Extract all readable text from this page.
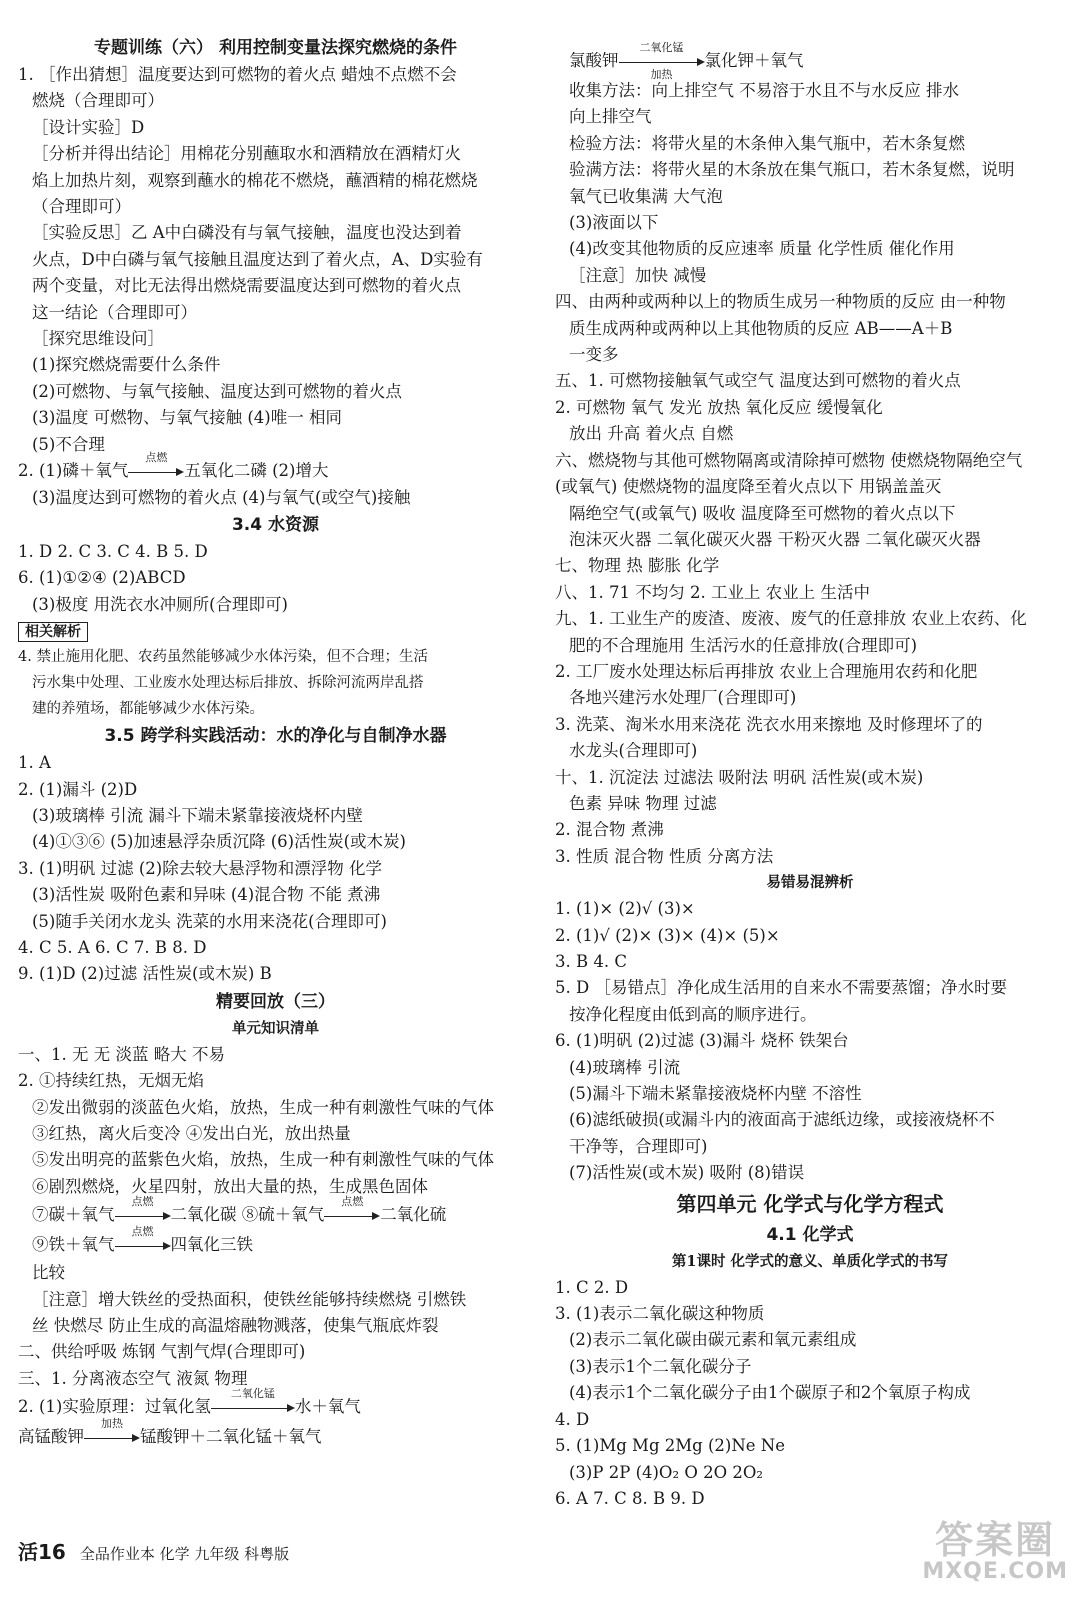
专题训练（六） 利用控制变量法探究燃烧的条件
1. ［作出猜想］温度要达到可燃物的着火点 蜡烛不点燃不会
燃烧（合理即可）
［设计实验］D
［分析并得出结论］用棉花分别蘸取水和酒精放在酒精灯火
焰上加热片刻，观察到蘸水的棉花不燃烧，蘸酒精的棉花燃烧
（合理即可）
［实验反思］乙 A中白磷没有与氧气接触，温度也没达到着
火点，D中白磷与氧气接触且温度达到了着火点，A、D实验有
两个变量，对比无法得出燃烧需要温度达到可燃物的着火点
这一结论（合理即可）
［探究思维设问］
(1)探究燃烧需要什么条件
(2)可燃物、与氧气接触、温度达到可燃物的着火点
(3)温度 可燃物、与氧气接触 (4)唯一 相同
(5)不合理
2. (1)磷＋氧气
点燃
五氧化二磷 (2)增大
(3)温度达到可燃物的着火点 (4)与氧气(或空气)接触
3.4 水资源
1. D 2. C 3. C 4. B 5. D
6. (1)①②④ (2)ABCD
(3)极度 用洗衣水冲厕所(合理即可)
相关解析
4. 禁止施用化肥、农药虽然能够减少水体污染，但不合理；生活
污水集中处理、工业废水处理达标后排放、拆除河流两岸乱搭
建的养殖场，都能够减少水体污染。
3.5 跨学科实践活动：水的净化与自制净水器
1. A
2. (1)漏斗 (2)D
(3)玻璃棒 引流 漏斗下端未紧靠接液烧杯内壁
(4)①③⑥ (5)加速悬浮杂质沉降 (6)活性炭(或木炭)
3. (1)明矾 过滤 (2)除去较大悬浮物和漂浮物 化学
(3)活性炭 吸附色素和异味 (4)混合物 不能 煮沸
(5)随手关闭水龙头 洗菜的水用来浇花(合理即可)
4. C 5. A 6. C 7. B 8. D
9. (1)D (2)过滤 活性炭(或木炭) B
精要回放（三）
单元知识清单
一、1. 无 无 淡蓝 略大 不易
2. ①持续红热，无烟无焰
②发出微弱的淡蓝色火焰，放热，生成一种有刺激性气味的气体
③红热，离火后变冷 ④发出白光，放出热量
⑤发出明亮的蓝紫色火焰，放热，生成一种有刺激性气味的气体
⑥剧烈燃烧，火星四射，放出大量的热，生成黑色固体
⑦碳＋氧气
点燃
二氧化碳 ⑧硫＋氧气
点燃
二氧化硫
⑨铁＋氧气
点燃
四氧化三铁
比较
［注意］增大铁丝的受热面积，使铁丝能够持续燃烧 引燃铁
丝 快燃尽 防止生成的高温熔融物溅落，使集气瓶底炸裂
二、供给呼吸 炼钢 气割气焊(合理即可)
三、1. 分离液态空气 液氮 物理
2. (1)实验原理：过氧化氢
二氧化锰
水＋氧气
高锰酸钾
加热
锰酸钾＋二氧化锰＋氧气
氯酸钾
二氧化锰
加热
氯化钾＋氧气
收集方法：向上排空气 不易溶于水且不与水反应 排水
向上排空气
检验方法：将带火星的木条伸入集气瓶中，若木条复燃
验满方法：将带火星的木条放在集气瓶口，若木条复燃，说明
氧气已收集满 大气泡
(3)液面以下
(4)改变其他物质的反应速率 质量 化学性质 催化作用
［注意］加快 减慢
四、由两种或两种以上的物质生成另一种物质的反应 由一种物
质生成两种或两种以上其他物质的反应 AB——A＋B
一变多
五、1. 可燃物接触氧气或空气 温度达到可燃物的着火点
2. 可燃物 氧气 发光 放热 氧化反应 缓慢氧化
放出 升高 着火点 自燃
六、燃烧物与其他可燃物隔离或清除掉可燃物 使燃烧物隔绝空气
(或氧气) 使燃烧物的温度降至着火点以下 用锅盖盖灭
隔绝空气(或氧气) 吸收 温度降至可燃物的着火点以下
泡沫灭火器 二氧化碳灭火器 干粉灭火器 二氧化碳灭火器
七、物理 热 膨胀 化学
八、1. 71 不均匀 2. 工业上 农业上 生活中
九、1. 工业生产的废渣、废液、废气的任意排放 农业上农药、化
肥的不合理施用 生活污水的任意排放(合理即可)
2. 工厂废水处理达标后再排放 农业上合理施用农药和化肥
各地兴建污水处理厂(合理即可)
3. 洗菜、淘米水用来浇花 洗衣水用来擦地 及时修理坏了的
水龙头(合理即可)
十、1. 沉淀法 过滤法 吸附法 明矾 活性炭(或木炭)
色素 异味 物理 过滤
2. 混合物 煮沸
3. 性质 混合物 性质 分离方法
易错易混辨析
1. (1)× (2)√ (3)×
2. (1)√ (2)× (3)× (4)× (5)×
3. B 4. C
5. D ［易错点］净化成生活用的自来水不需要蒸馏；净水时要
按净化程度由低到高的顺序进行。
6. (1)明矾 (2)过滤 (3)漏斗 烧杯 铁架台
(4)玻璃棒 引流
(5)漏斗下端未紧靠接液烧杯内壁 不溶性
(6)滤纸破损(或漏斗内的液面高于滤纸边缘，或接液烧杯不
干净等，合理即可)
(7)活性炭(或木炭) 吸附 (8)错误
第四单元 化学式与化学方程式
4.1 化学式
第1课时 化学式的意义、单质化学式的书写
1. C 2. D
3. (1)表示二氧化碳这种物质
(2)表示二氧化碳由碳元素和氧元素组成
(3)表示1个二氧化碳分子
(4)表示1个二氧化碳分子由1个碳原子和2个氧原子构成
4. D
5. (1)Mg Mg 2Mg (2)Ne Ne
(3)P 2P (4)O₂ O 2O 2O₂
6. A 7. C 8. B 9. D
活16 全品作业本 化学 九年级 科粤版	答案圈
MXQE.COM
